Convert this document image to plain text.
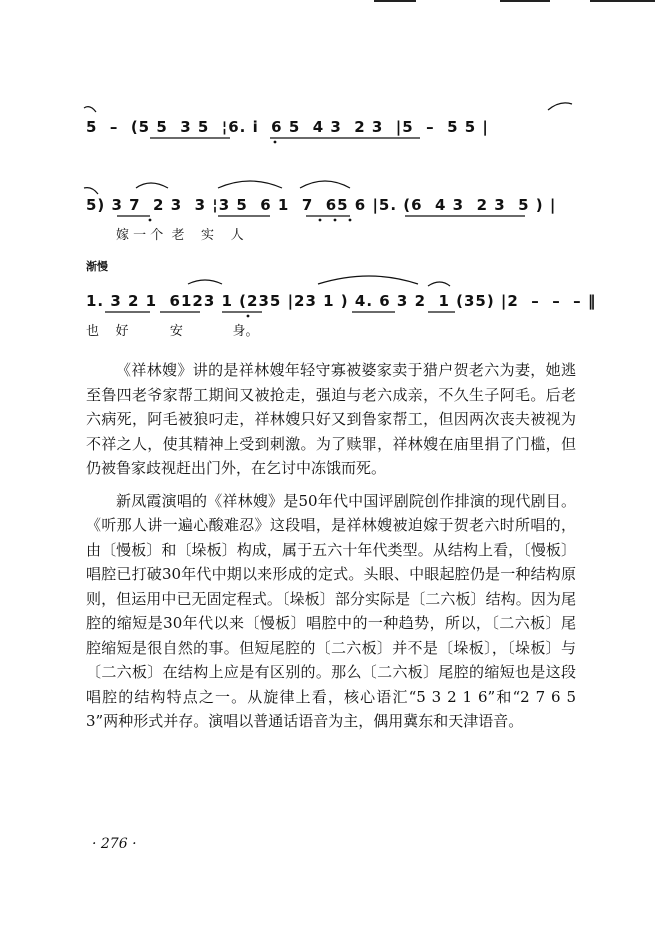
5  –  (5 5  3 5  ¦6. i  6 5  4 3  2 3  |5  –  5 5 |
5) 3 7  2 3  3 ¦3 5  6 1  7  65 6 |5. (6  4 3  2 3  5 ) |
嫁 一 个  老    实    人
渐慢
1. 3 2 1  6123 1 (235 |23 1 ) 4. 6 3 2  1 (35) |2  –  –  – ‖
也    好          安            身。

《祥林嫂》讲的是祥林嫂年轻守寡被婆家卖于猎户贺老六为妻，她逃至鲁四老爷家帮工期间又被抢走，强迫与老六成亲，不久生子阿毛。后老六病死，阿毛被狼叼走，祥林嫂只好又到鲁家帮工，但因两次丧夫被视为不祥之人，使其精神上受到刺激。为了赎罪，祥林嫂在庙里捐了门槛，但仍被鲁家歧视赶出门外，在乞讨中冻饿而死。

新凤霞演唱的《祥林嫂》是50年代中国评剧院创作排演的现代剧目。《听那人讲一遍心酸难忍》这段唱，是祥林嫂被迫嫁于贺老六时所唱的，由〔慢板〕和〔垛板〕构成，属于五六十年代类型。从结构上看，〔慢板〕唱腔已打破30年代中期以来形成的定式。头眼、中眼起腔仍是一种结构原则，但运用中已无固定程式。〔垛板〕部分实际是〔二六板〕结构。因为尾腔的缩短是30年代以来〔慢板〕唱腔中的一种趋势，所以，〔二六板〕尾腔缩短是很自然的事。但短尾腔的〔二六板〕并不是〔垛板〕，〔垛板〕与〔二六板〕在结构上应是有区别的。那么〔二六板〕尾腔的缩短也是这段唱腔的结构特点之一。从旋律上看，核心语汇“5 3 2 1 6”和“2 7 6 5 3”两种形式并存。演唱以普通话语音为主，偶用冀东和天津语音。

· 276 ·
